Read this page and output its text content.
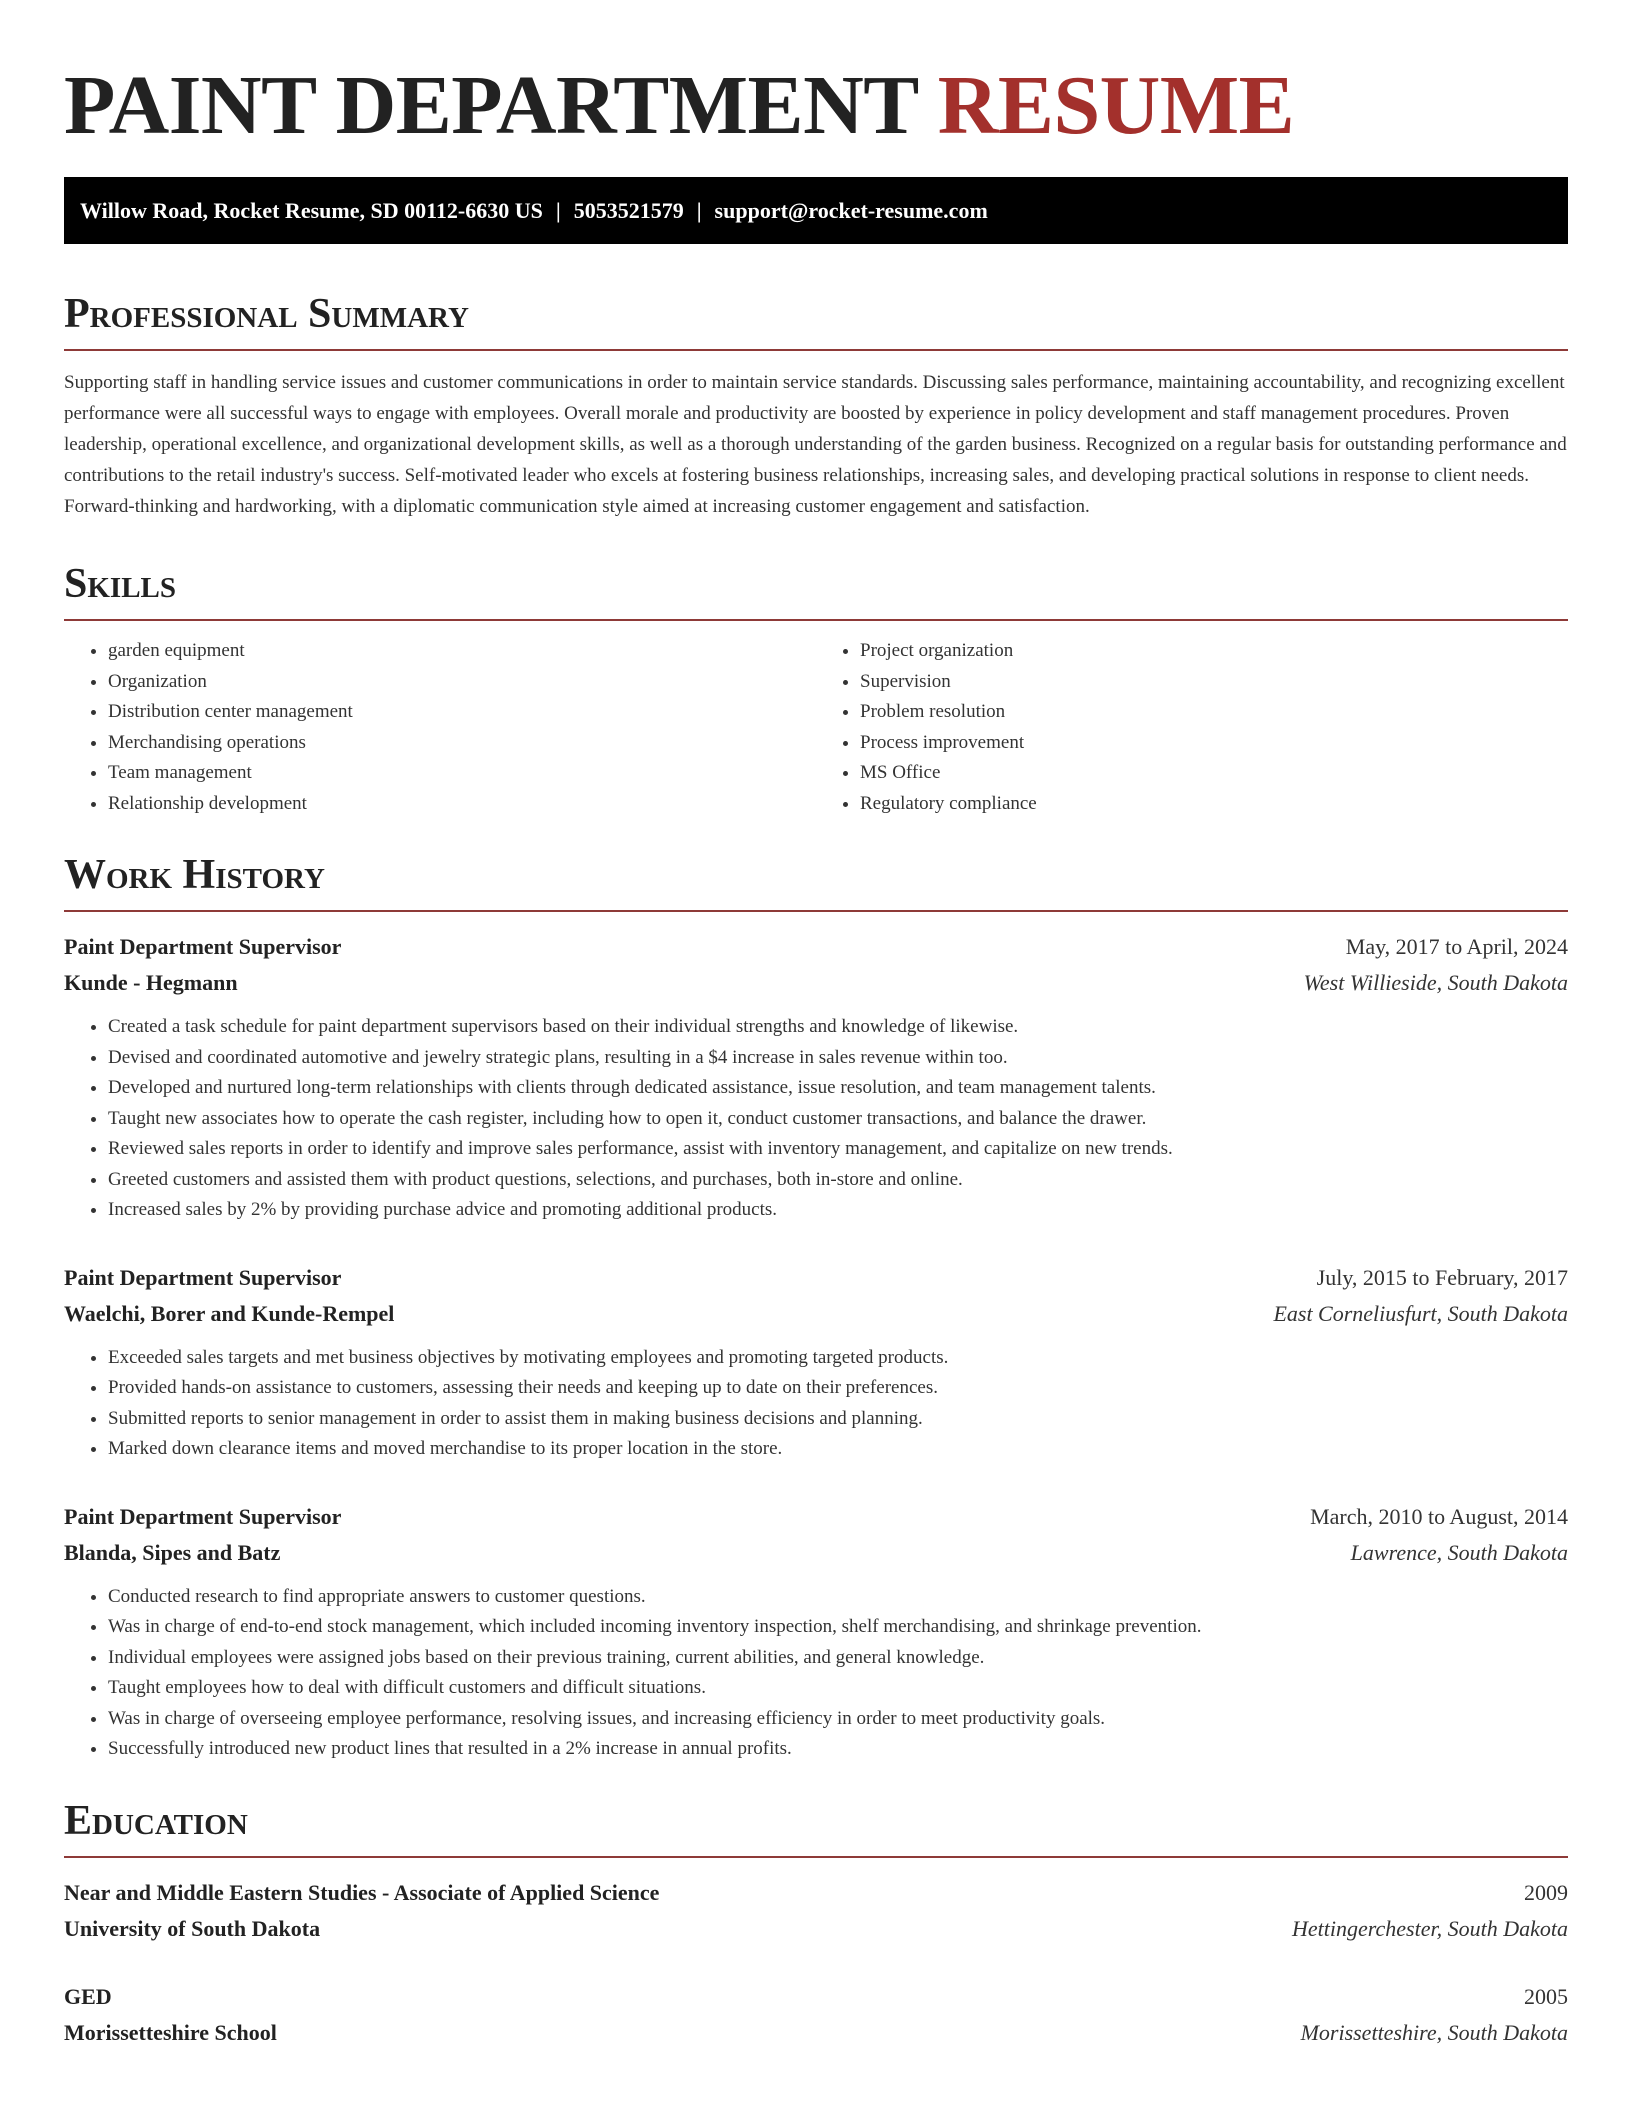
PAINT DEPARTMENT RESUME
Willow Road, Rocket Resume, SD 00112-6630 US | 5053521579 | support@rocket-resume.com
Professional Summary

Supporting staff in handling service issues and customer communications in order to maintain service standards. Discussing sales performance, maintaining accountability, and recognizing excellent performance were all successful ways to engage with employees. Overall morale and productivity are boosted by experience in policy development and staff management procedures. Proven leadership, operational excellence, and organizational development skills, as well as a thorough understanding of the garden business. Recognized on a regular basis for outstanding performance and contributions to the retail industry's success. Self-motivated leader who excels at fostering business relationships, increasing sales, and developing practical solutions in response to client needs. Forward-thinking and hardworking, with a diplomatic communication style aimed at increasing customer engagement and satisfaction.

Skills
• garden equipment
• Organization
• Distribution center management
• Merchandising operations
• Team management
• Relationship development
• Project organization
• Supervision
• Problem resolution
• Process improvement
• MS Office
• Regulatory compliance
Work History
Paint Department Supervisor	May, 2017 to April, 2024
Kunde - Hegmann	West Willieside, South Dakota
• Created a task schedule for paint department supervisors based on their individual strengths and knowledge of likewise.
• Devised and coordinated automotive and jewelry strategic plans, resulting in a $4 increase in sales revenue within too.
• Developed and nurtured long-term relationships with clients through dedicated assistance, issue resolution, and team management talents.
• Taught new associates how to operate the cash register, including how to open it, conduct customer transactions, and balance the drawer.
• Reviewed sales reports in order to identify and improve sales performance, assist with inventory management, and capitalize on new trends.
• Greeted customers and assisted them with product questions, selections, and purchases, both in-store and online.
• Increased sales by 2% by providing purchase advice and promoting additional products.
Paint Department Supervisor	July, 2015 to February, 2017
Waelchi, Borer and Kunde-Rempel	East Corneliusfurt, South Dakota
• Exceeded sales targets and met business objectives by motivating employees and promoting targeted products.
• Provided hands-on assistance to customers, assessing their needs and keeping up to date on their preferences.
• Submitted reports to senior management in order to assist them in making business decisions and planning.
• Marked down clearance items and moved merchandise to its proper location in the store.
Paint Department Supervisor	March, 2010 to August, 2014
Blanda, Sipes and Batz	Lawrence, South Dakota
• Conducted research to find appropriate answers to customer questions.
• Was in charge of end-to-end stock management, which included incoming inventory inspection, shelf merchandising, and shrinkage prevention.
• Individual employees were assigned jobs based on their previous training, current abilities, and general knowledge.
• Taught employees how to deal with difficult customers and difficult situations.
• Was in charge of overseeing employee performance, resolving issues, and increasing efficiency in order to meet productivity goals.
• Successfully introduced new product lines that resulted in a 2% increase in annual profits.
Education
Near and Middle Eastern Studies - Associate of Applied Science	2009
University of South Dakota	Hettingerchester, South Dakota
GED	2005
Morissetteshire School	Morissetteshire, South Dakota
